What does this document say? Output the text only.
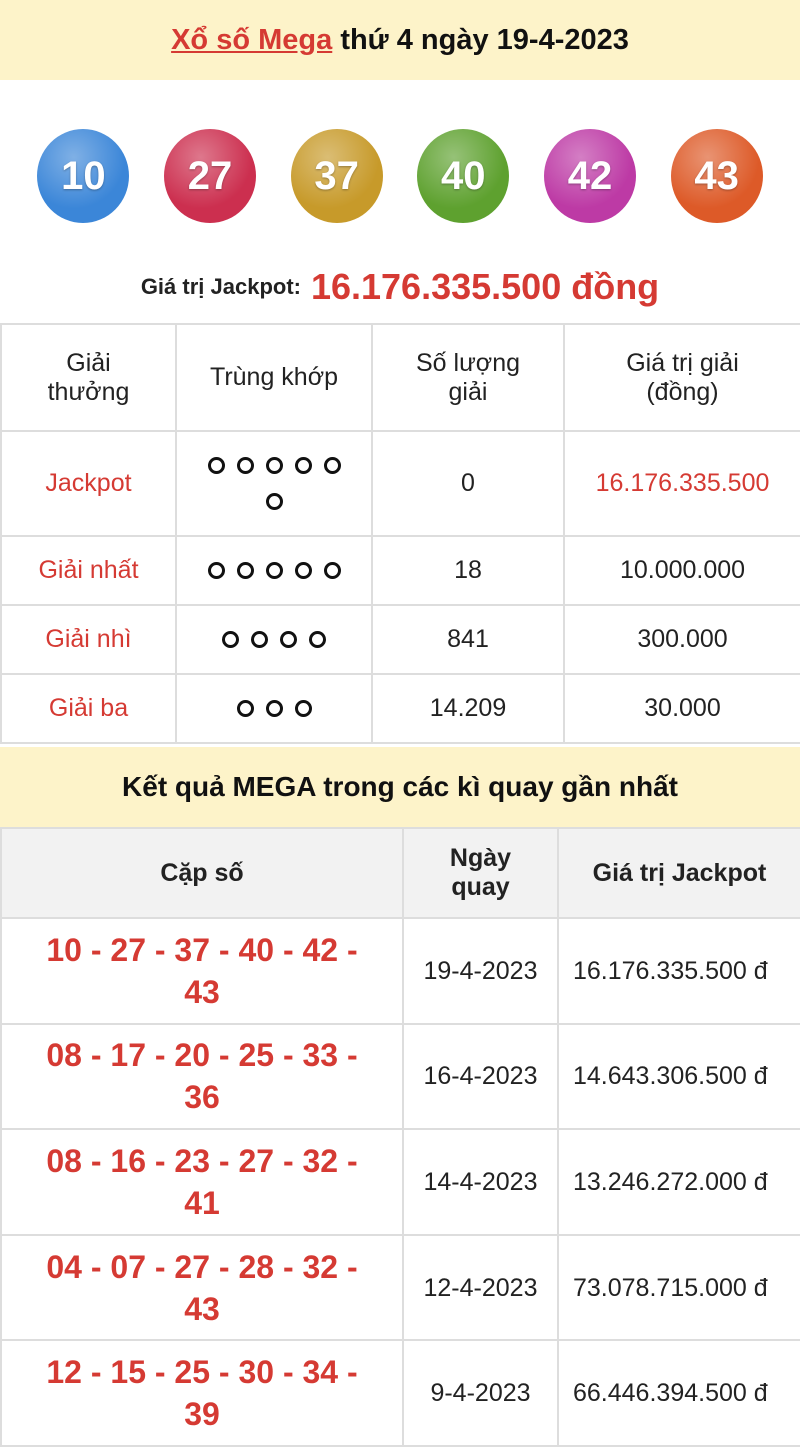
Xổ số Mega
thứ 4 ngày 19-4-2023
10	27	37	40	42	43
Giá trị Jackpot: 16.176.335.500 đồng
Giải thưởng	Trùng khớp	Số lượng giải	Giá trị giải (đồng)
Jackpot		0	16.176.335.500
Giải nhất		18	10.000.000
Giải nhì		841	300.000
Giải ba		14.209	30.000
Kết quả MEGA trong các kì quay gần nhất
Cặp số	Ngày quay	Giá trị Jackpot
10 - 27 - 37 - 40 - 42 - 43	19-4-2023	16.176.335.500 đ
08 - 17 - 20 - 25 - 33 - 36	16-4-2023	14.643.306.500 đ
08 - 16 - 23 - 27 - 32 - 41	14-4-2023	13.246.272.000 đ
04 - 07 - 27 - 28 - 32 - 43	12-4-2023	73.078.715.000 đ
12 - 15 - 25 - 30 - 34 - 39	9-4-2023	66.446.394.500 đ
